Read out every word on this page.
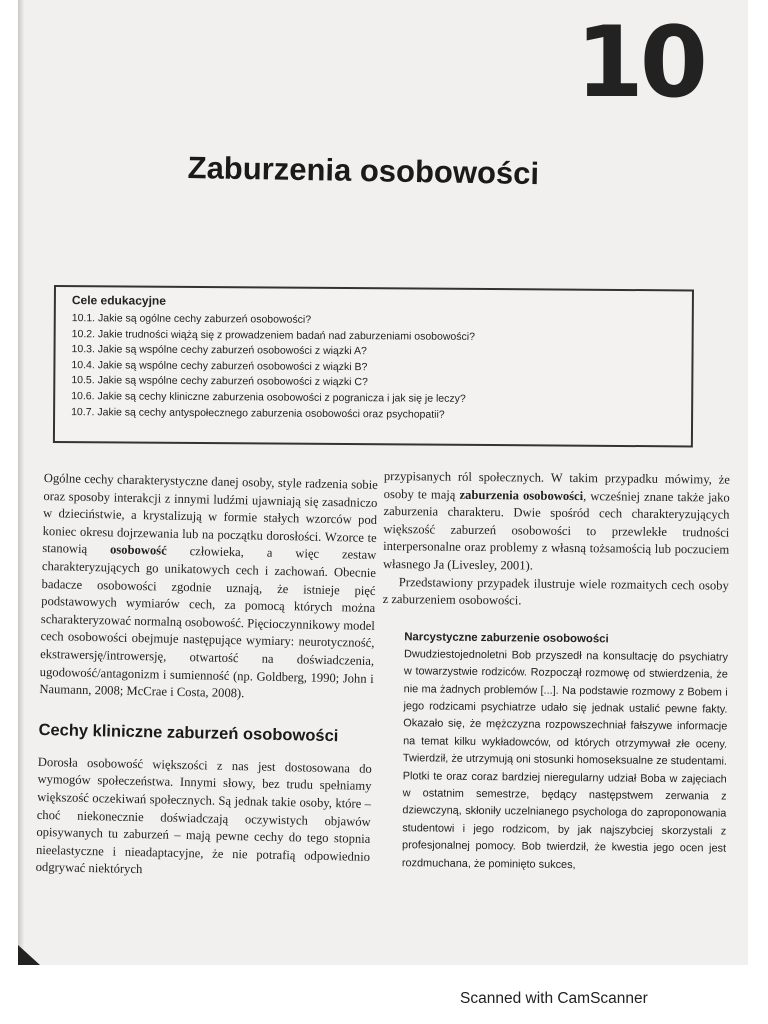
10
Zaburzenia osobowości
Cele edukacyjne
10.1. Jakie są ogólne cechy zaburzeń osobowości?
10.2. Jakie trudności wiążą się z prowadzeniem badań nad zaburzeniami osobowości?
10.3. Jakie są wspólne cechy zaburzeń osobowości z wiązki A?
10.4. Jakie są wspólne cechy zaburzeń osobowości z wiązki B?
10.5. Jakie są wspólne cechy zaburzeń osobowości z wiązki C?
10.6. Jakie są cechy kliniczne zaburzenia osobowości z pogranicza i jak się je leczy?
10.7. Jakie są cechy antyspołecznego zaburzenia osobowości oraz psychopatii?

Ogólne cechy charakterystyczne danej osoby, style radzenia sobie oraz sposoby interakcji z innymi ludźmi ujawniają się zasadniczo w dzieciństwie, a krystalizują w formie stałych wzorców pod koniec okresu dojrzewania lub na początku dorosłości. Wzorce te stanowią osobowość człowieka, a więc zestaw charakteryzujących go unikatowych cech i zachowań. Obecnie badacze osobowości zgodnie uznają, że istnieje pięć podstawowych wymiarów cech, za pomocą których można scharakteryzować normalną osobowość. Pięcioczynnikowy model cech osobowości obejmuje następujące wymiary: neurotyczność, ekstrawersję/introwersję, otwartość na doświadczenia, ugodowość/antagonizm i sumienność (np. Goldberg, 1990; John i Naumann, 2008; McCrae i Costa, 2008).

Cechy kliniczne zaburzeń osobowości

Dorosła osobowość większości z nas jest dostosowana do wymogów społeczeństwa. Innymi słowy, bez trudu spełniamy większość oczekiwań społecznych. Są jednak takie osoby, które – choć niekonecznie doświadczają oczywistych objawów opisywanych tu zaburzeń – mają pewne cechy do tego stopnia nieelastyczne i nieadaptacyjne, że nie potrafią odpowiednio odgrywać niektórych

przypisanych ról społecznych. W takim przypadku mówimy, że osoby te mają zaburzenia osobowości, wcześniej znane także jako zaburzenia charakteru. Dwie spośród cech charakteryzujących większość zaburzeń osobowości to przewlekłe trudności interpersonalne oraz problemy z własną tożsamością lub poczuciem własnego Ja (Livesley, 2001).

Przedstawiony przypadek ilustruje wiele rozmaitych cech osoby z zaburzeniem osobowości.

Narcystyczne zaburzenie osobowości

Dwudziestojednoletni Bob przyszedł na konsultację do psychiatry w towarzystwie rodziców. Rozpoczął rozmowę od stwierdzenia, że nie ma żadnych problemów [...]. Na podstawie rozmowy z Bobem i jego rodzicami psychiatrze udało się jednak ustalić pewne fakty. Okazało się, że mężczyzna rozpowszechniał fałszywe informacje na temat kilku wykładowców, od których otrzymywał złe oceny. Twierdził, że utrzymują oni stosunki homoseksualne ze studentami. Plotki te oraz coraz bardziej nieregularny udział Boba w zajęciach w ostatnim semestrze, będący następstwem zerwania z dziewczyną, skłoniły uczelnianego psychologa do zaproponowania studentowi i jego rodzicom, by jak najszybciej skorzystali z profesjonalnej pomocy. Bob twierdził, że kwestia jego ocen jest rozdmuchana, że pominięto sukces,

Scanned with CamScanner
